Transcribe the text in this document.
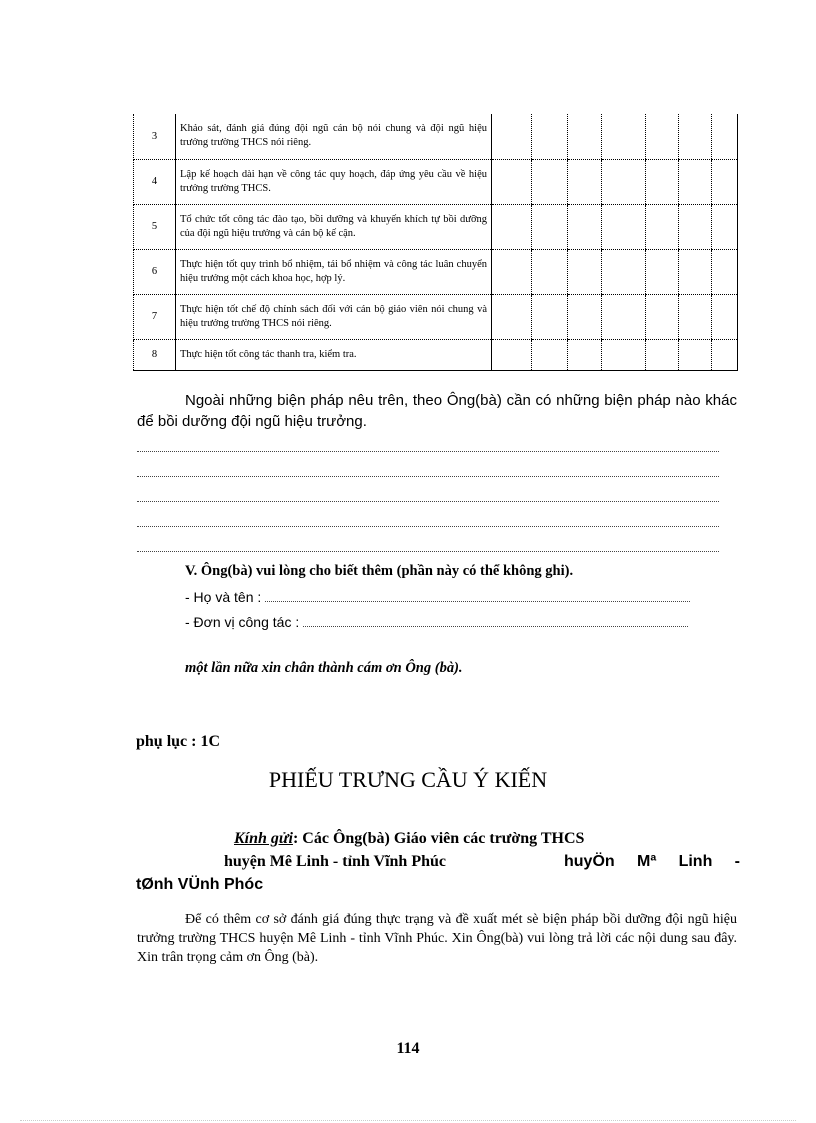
3	Khảo sát, đánh giá đúng đội ngũ cán bộ nói chung và đội ngũ hiệu trưởng trường THCS nói riêng.							
4	Lập kế hoạch dài hạn về công tác quy hoạch, đáp ứng yêu cầu về hiệu trưởng trường THCS.							
5	Tổ chức tốt công tác đào tạo, bồi dưỡng và khuyến khích tự bồi dưỡng của đội ngũ hiệu trưởng và cán bộ kế cận.							
6	Thực hiện tốt quy trình bổ nhiệm, tái bổ nhiệm và công tác luân chuyển hiệu trưởng một cách khoa học, hợp lý.							
7	Thực hiện tốt chế độ chính sách đối với cán bộ giáo viên nói chung và hiệu trưởng trường THCS nói riêng.							
8	Thực hiện tốt công tác thanh tra, kiểm tra.							
Ngoài những biện pháp nêu trên, theo Ông(bà) cần có những biện pháp nào khác để bồi dưỡng đội ngũ hiệu trưởng.
V. Ông(bà) vui lòng cho biết thêm (phần này có thể không ghi).
- Họ và tên :
- Đơn vị công tác :
một lần nữa xin chân thành cám ơn Ông (bà).
phụ lục : 1C
PHIẾU TRƯNG CẦU Ý KIẾN
Kính gửi: Các Ông(bà) Giáo viên các trường THCS
huyện Mê Linh - tỉnh Vĩnh Phúc	huyÖn Mª Linh -
tØnh VÜnh Phóc
Để có thêm cơ sở đánh giá đúng thực trạng và đề xuất mét sè biện pháp bồi dưỡng đội ngũ hiệu trưởng trường THCS huyện Mê Linh - tỉnh Vĩnh Phúc. Xin Ông(bà) vui lòng trả lời các nội dung sau đây. Xin trân trọng cảm ơn Ông (bà).
114
